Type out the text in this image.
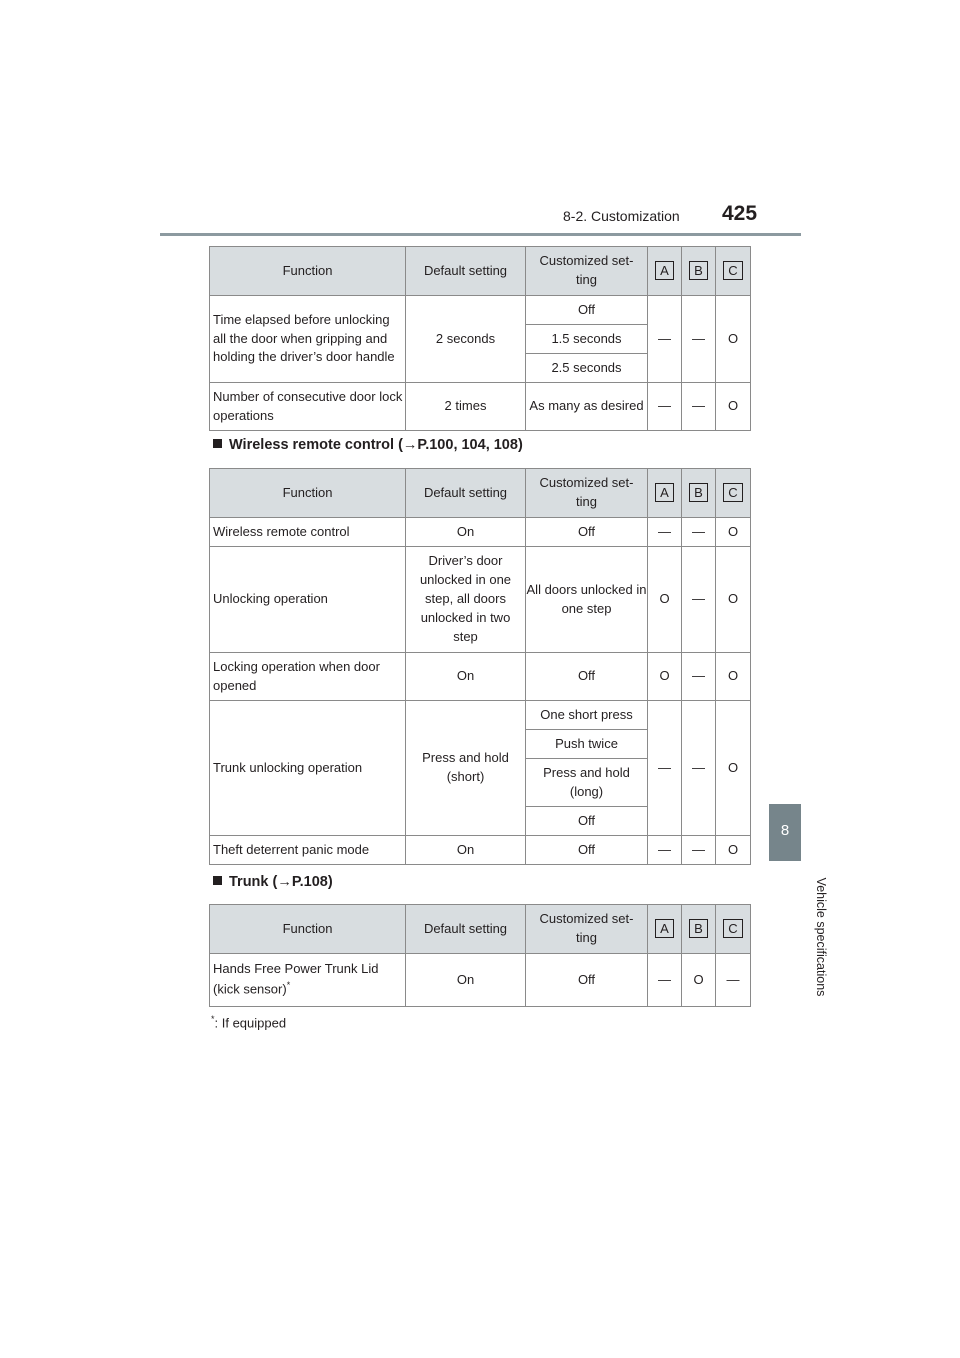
8-2. Customization 425
8
Vehicle specifications
Function	Default setting	Customized set-
ting	A	B	C
Time elapsed before unlocking all the door when gripping and holding the driver’s door handle	2 seconds	Off	—	—	O
		1.5 seconds			
		2.5 seconds			
Number of consecutive door lock operations	2 times	As many as desired	—	—	O
Wireless remote control (→P.100, 104, 108)
Function	Default setting	Customized set-
ting	A	B	C
Wireless remote control	On	Off	—	—	O
Unlocking operation	Driver’s door unlocked in one step, all doors unlocked in two step	All doors unlocked in one step	O	—	O
Locking operation when door opened	On	Off	O	—	O
Trunk unlocking operation	Press and hold (short)	One short press	—	—	O
		Push twice			
		Press and hold (long)			
		Off			
Theft deterrent panic mode	On	Off	—	—	O
Trunk (→P.108)
Function	Default setting	Customized set-
ting	A	B	C
Hands Free Power Trunk Lid (kick sensor)*	On	Off	—	O	—
*: If equipped
